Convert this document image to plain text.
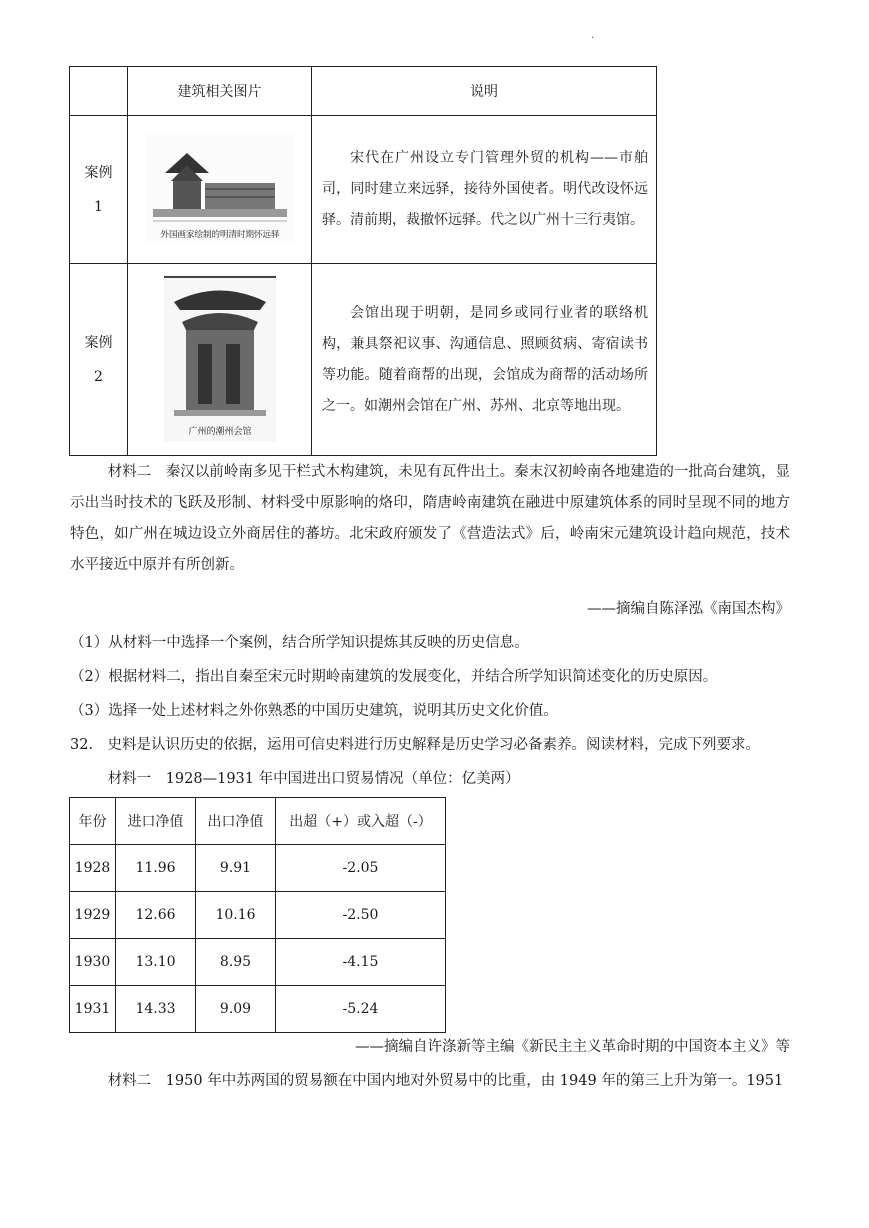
.
	建筑相关图片	说明

案例
1	外国画家绘制的明清时期怀远驿	宋代在广州设立专门管理外贸的机构——市舶司，同时建立来远驿，接待外国使者。明代改设怀远驿。清前期，裁撤怀远驿。代之以广州十三行夷馆。

案例
2	广州的潮州会馆	会馆出现于明朝，是同乡或同行业者的联络机构，兼具祭祀议事、沟通信息、照顾贫病、寄宿读书等功能。随着商帮的出现，会馆成为商帮的活动场所之一。如潮州会馆在广州、苏州、北京等地出现。
材料二　秦汉以前岭南多见干栏式木构建筑，未见有瓦件出土。秦末汉初岭南各地建造的一批高台建筑，显示出当时技术的飞跃及形制、材料受中原影响的烙印，隋唐岭南建筑在融进中原建筑体系的同时呈现不同的地方特色，如广州在城边设立外商居住的蕃坊。北宋政府颁发了《营造法式》后，岭南宋元建筑设计趋向规范，技术水平接近中原并有所创新。
——摘编自陈泽泓《南国杰构》
（1）从材料一中选择一个案例，结合所学知识提炼其反映的历史信息。
（2）根据材料二，指出自秦至宋元时期岭南建筑的发展变化，并结合所学知识简述变化的历史原因。
（3）选择一处上述材料之外你熟悉的中国历史建筑，说明其历史文化价值。
32.　史料是认识历史的依据，运用可信史料进行历史解释是历史学习必备素养。阅读材料，完成下列要求。
材料一　1928—1931 年中国进出口贸易情况（单位：亿美两）
年份	进口净值	出口净值	出超（+）或入超（-）
1928	11.96	9.91	-2.05
1929	12.66	10.16	-2.50
1930	13.10	8.95	-4.15
1931	14.33	9.09	-5.24
——摘编自许涤新等主编《新民主主义革命时期的中国资本主义》等
材料二　1950 年中苏两国的贸易额在中国内地对外贸易中的比重，由 1949 年的第三上升为第一。1951
